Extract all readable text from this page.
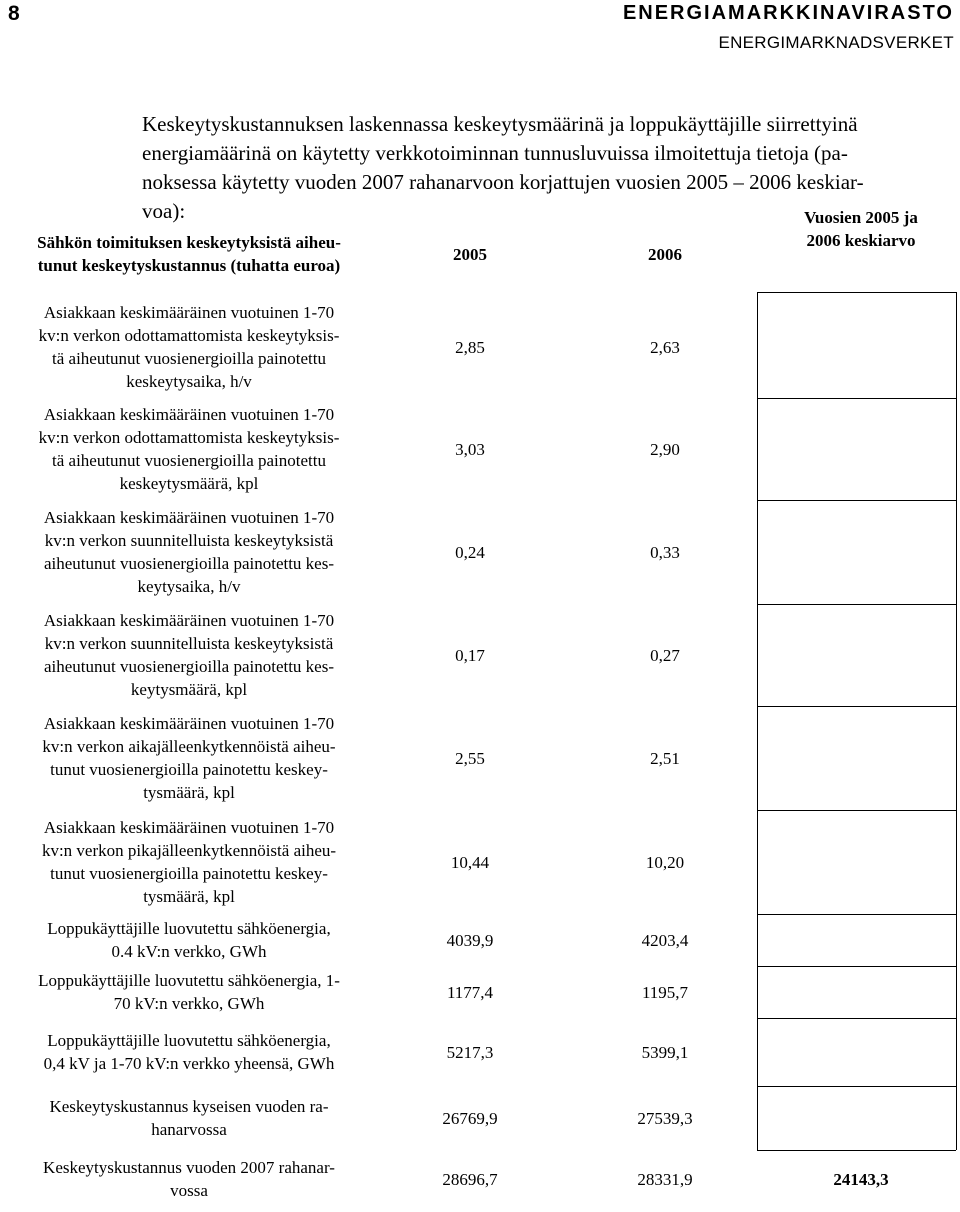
8	ENERGIAMARKKINAVIRASTO
ENERGIMARKNADSVERKET

Keskeytyskustannuksen laskennassa keskeytysmäärinä ja loppukäyttäjille siirrettyinä
energiamäärinä on käytetty verkkotoiminnan tunnusluvuissa ilmoitettuja tietoja (pa-
noksessa käytetty vuoden 2007 rahanarvoon korjattujen vuosien 2005 – 2006 keskiar-
voa):

Sähkön toimituksen keskeytyksistä aiheu-
tunut keskeytyskustannus (tuhatta euroa)
2005	2006
Vuosien 2005 ja
2006 keskiarvo
Asiakkaan keskimääräinen vuotuinen 1-70
kv:n verkon odottamattomista keskeytyksis-
tä aiheutunut vuosienergioilla painotettu
keskeytysaika, h/v
2,85	2,63
Asiakkaan keskimääräinen vuotuinen 1-70
kv:n verkon odottamattomista keskeytyksis-
tä aiheutunut vuosienergioilla painotettu
keskeytysmäärä, kpl
3,03	2,90
Asiakkaan keskimääräinen vuotuinen 1-70
kv:n verkon suunnitelluista keskeytyksistä
aiheutunut vuosienergioilla painotettu kes-
keytysaika, h/v
0,24	0,33
Asiakkaan keskimääräinen vuotuinen 1-70
kv:n verkon suunnitelluista keskeytyksistä
aiheutunut vuosienergioilla painotettu kes-
keytysmäärä, kpl
0,17	0,27
Asiakkaan keskimääräinen vuotuinen 1-70
kv:n verkon aikajälleenkytkennöistä aiheu-
tunut vuosienergioilla painotettu keskey-
tysmäärä, kpl
2,55	2,51
Asiakkaan keskimääräinen vuotuinen 1-70
kv:n verkon pikajälleenkytkennöistä aiheu-
tunut vuosienergioilla painotettu keskey-
tysmäärä, kpl
10,44	10,20
Loppukäyttäjille luovutettu sähköenergia,
0.4 kV:n verkko, GWh
4039,9	4203,4
Loppukäyttäjille luovutettu sähköenergia, 1-
70 kV:n verkko, GWh
1177,4	1195,7
Loppukäyttäjille luovutettu sähköenergia,
0,4 kV ja 1-70 kV:n verkko yheensä, GWh
5217,3	5399,1
Keskeytyskustannus kyseisen vuoden ra-
hanarvossa
26769,9	27539,3
Keskeytyskustannus vuoden 2007 rahanar-
vossa
28696,7	28331,9	24143,3
